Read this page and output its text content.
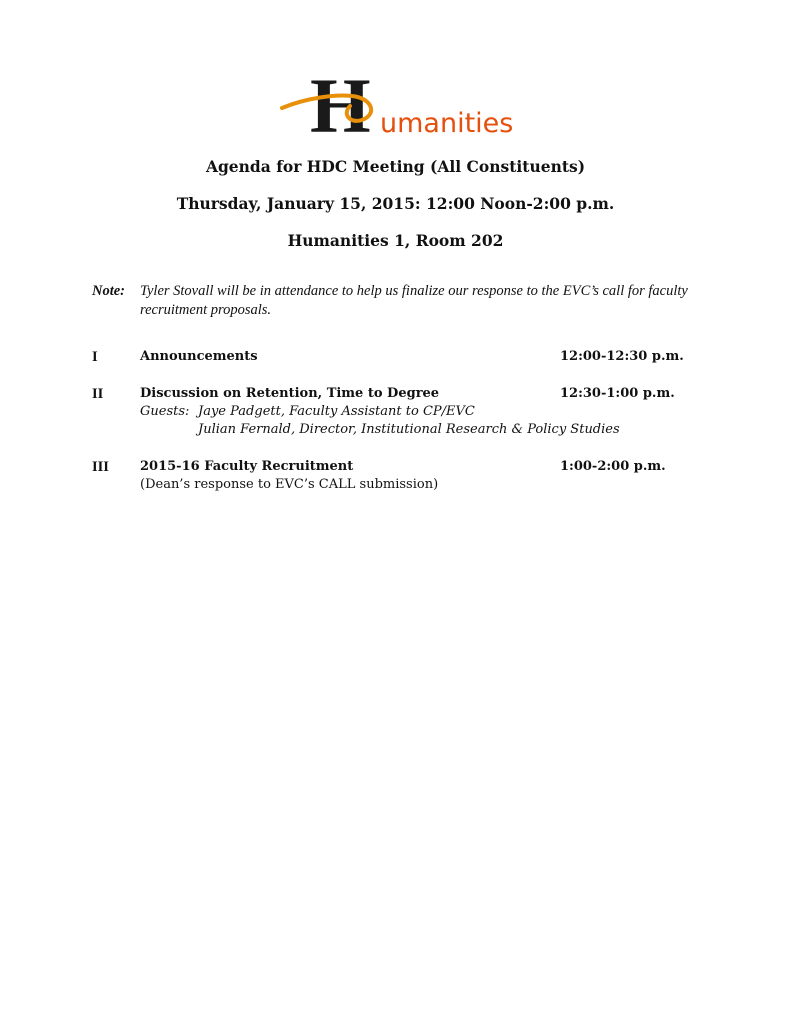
H umanities
Agenda for HDC Meeting (All Constituents)
Thursday, January 15, 2015: 12:00 Noon-2:00 p.m.
Humanities 1, Room 202
Note: Tyler Stovall will be in attendance to help us finalize our response to the EVC’s call for faculty recruitment proposals.
I	Announcements	12:00-12:30 p.m.
II	Discussion on Retention, Time to Degree	12:30-1:00 p.m.
Guests: Jaye Padgett, Faculty Assistant to CP/EVC
Julian Fernald, Director, Institutional Research & Policy Studies
III 2015-16 Faculty Recruitment	1:00-2:00 p.m.
(Dean’s response to EVC’s CALL submission)
